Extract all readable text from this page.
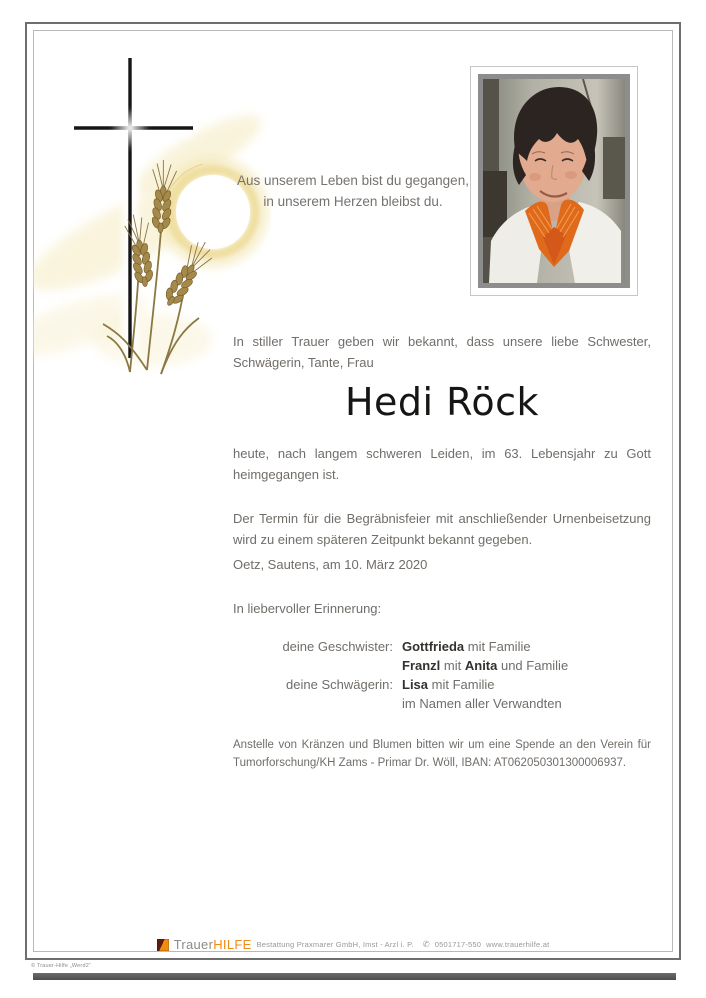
Aus unserem Leben bist du gegangen,
in unserem Herzen bleibst du.
In stiller Trauer geben wir bekannt, dass unsere liebe Schwester,
Schwägerin, Tante, Frau
Hedi Röck
heute, nach langem schweren Leiden, im 63. Lebensjahr zu Gott
heimgegangen ist.
Der Termin für die Begräbnisfeier mit anschließender Urnenbeisetzung
wird zu einem späteren Zeitpunkt bekannt gegeben.
Oetz, Sautens, am 10. März 2020
In liebervoller Erinnerung:
deine Geschwister: Gottfrieda mit Familie
Franzl mit Anita und Familie
deine Schwägerin: Lisa mit Familie
im Namen aller Verwandten
Anstelle von Kränzen und Blumen bitten wir um eine Spende an den Verein für
Tumorforschung/KH Zams - Primar Dr. Wöll, IBAN: AT062050301300006937.
TrauerHILFE Bestattung Praxmarer GmbH, Imst - Arzl i. P. ✆ 0501717-550 www.trauerhilfe.at
© Trauer-Hilfe „Werd2“
